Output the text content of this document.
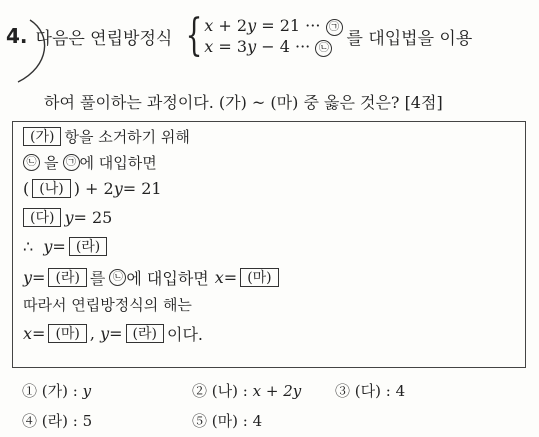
4. 다음은 연립방정식 { x + 2y = 21 ··· ㉠
x = 3y − 4 ··· ㉡	를 대입법을 이용
하여 풀이하는 과정이다. (가) ~ (마) 중 옳은 것은? [4점]
(가) 항을 소거하기 위해
㉡ 을 ㉠ 에 대입하면
( (나) ) + 2 y = 21
(다) y = 25
∴
y = (라)
y = (라) 를 ㉡ 에 대입하면 x = (마)
따라서 연립방정식의 해는
x = (마) ,
y = (라) 이다.
① (가) : y	② (나) : x + 2y ③ (다) : 4
④ (라) : 5	⑤ (마) : 4
